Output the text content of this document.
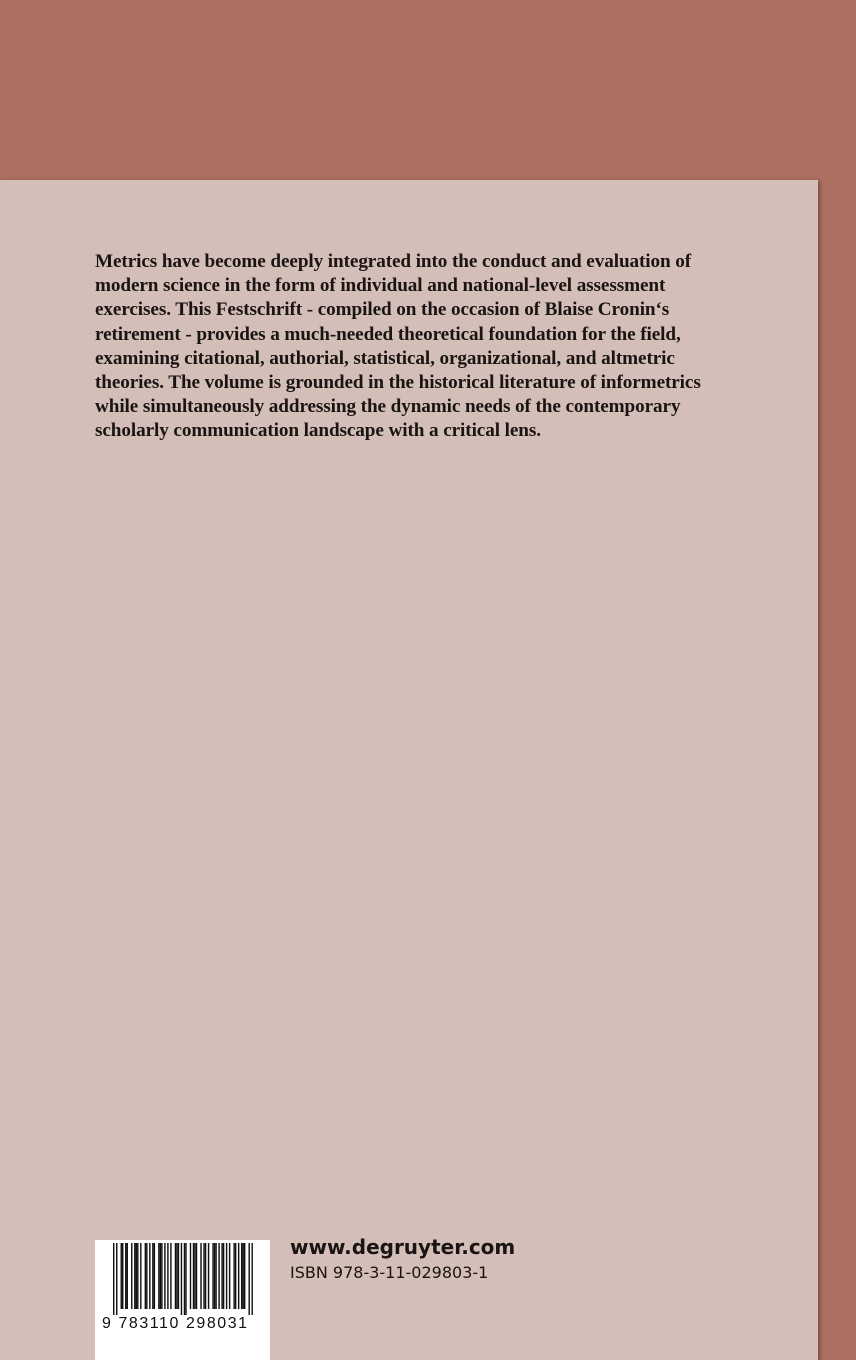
Metrics have become deeply integrated into the conduct and evaluation of modern science in the form of individual and national-level assessment exercises. This Festschrift - compiled on the occasion of Blaise Cronin‘s retirement - provides a much-needed theoretical foundation for the field, examining citational, authorial, statistical, organizational, and altmetric theories. The volume is grounded in the historical literature of informetrics while simultaneously addressing the dynamic needs of the contemporary scholarly communication landscape with a critical lens.

9 783110 298031

www.degruyter.com

ISBN 978-3-11-029803-1
